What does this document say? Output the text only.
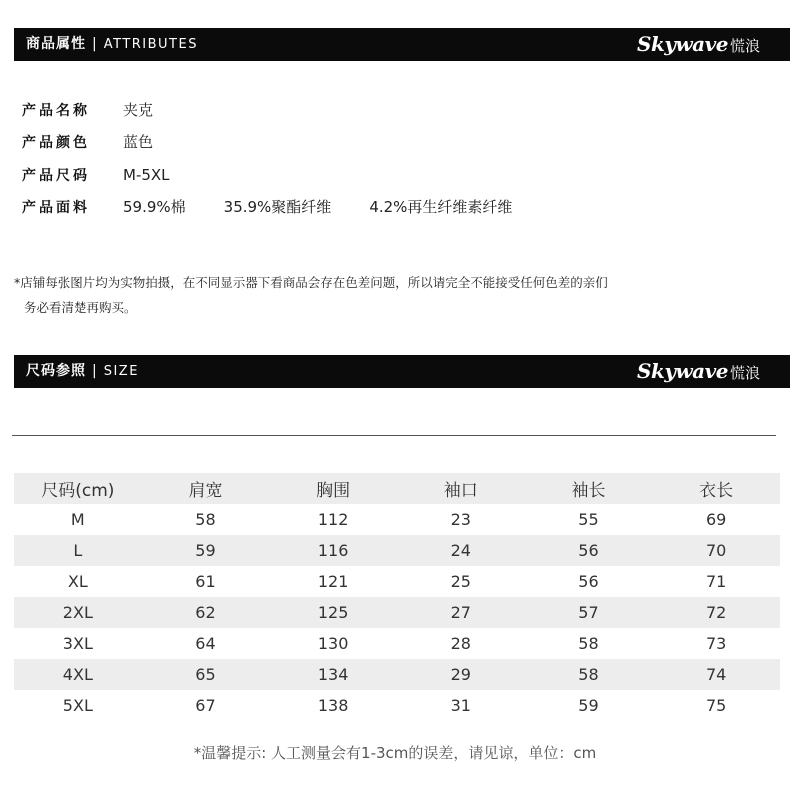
商品属性 | ATTRIBUTES	Skywave 慌浪
产品名称 夹克
产品颜色 蓝色
产品尺码 M-5XL
产品面料 59.9%棉	35.9%聚酯纤维	4.2%再生纤维素纤维
*店铺每张图片均为实物拍摄，在不同显示器下看商品会存在色差问题，所以请完全不能接受任何色差的亲们
务必看清楚再购买。
尺码参照 | SIZE	Skywave 慌浪
尺码(cm)	肩宽	胸围	袖口	袖长	衣长
M	58	112	23	55	69
L	59	116	24	56	70
XL	61	121	25	56	71
2XL	62	125	27	57	72
3XL	64	130	28	58	73
4XL	65	134	29	58	74
5XL	67	138	31	59	75
*温馨提示: 人工测量会有1-3cm的误差，请见谅，单位：cm
